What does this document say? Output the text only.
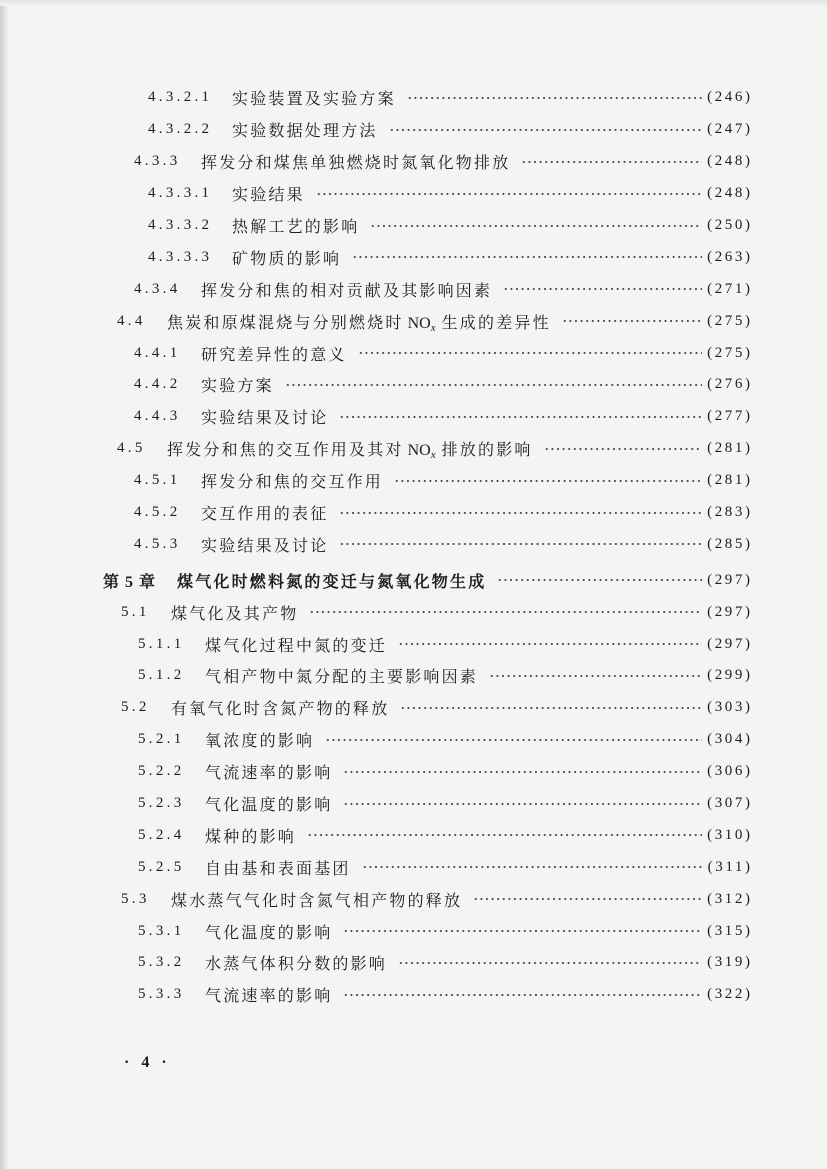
4.3.2.1	实验装置及实验方案	(246)
4.3.2.2	实验数据处理方法	(247)
4.3.3	挥发分和煤焦单独燃烧时氮氧化物排放	(248)
4.3.3.1	实验结果	(248)
4.3.3.2	热解工艺的影响	(250)
4.3.3.3	矿物质的影响	(263)
4.3.4	挥发分和焦的相对贡献及其影响因素	(271)
4.4	焦炭和原煤混烧与分别燃烧时 $NO_x$ 生成的差异性	(275)
4.4.1	研究差异性的意义	(275)
4.4.2	实验方案	(276)
4.4.3	实验结果及讨论	(277)
4.5	挥发分和焦的交互作用及其对 $NO_x$ 排放的影响	(281)
4.5.1	挥发分和焦的交互作用	(281)
4.5.2	交互作用的表征	(283)
4.5.3	实验结果及讨论	(285)
第 5 章	煤气化时燃料氮的变迁与氮氧化物生成	(297)
5.1	煤气化及其产物	(297)
5.1.1	煤气化过程中氮的变迁	(297)
5.1.2	气相产物中氮分配的主要影响因素	(299)
5.2	有氧气化时含氮产物的释放	(303)
5.2.1	氧浓度的影响	(304)
5.2.2	气流速率的影响	(306)
5.2.3	气化温度的影响	(307)
5.2.4	煤种的影响	(310)
5.2.5	自由基和表面基团	(311)
5.3	煤水蒸气气化时含氮气相产物的释放	(312)
5.3.1	气化温度的影响	(315)
5.3.2	水蒸气体积分数的影响	(319)
5.3.3	气流速率的影响	(322)
· 4 ·
